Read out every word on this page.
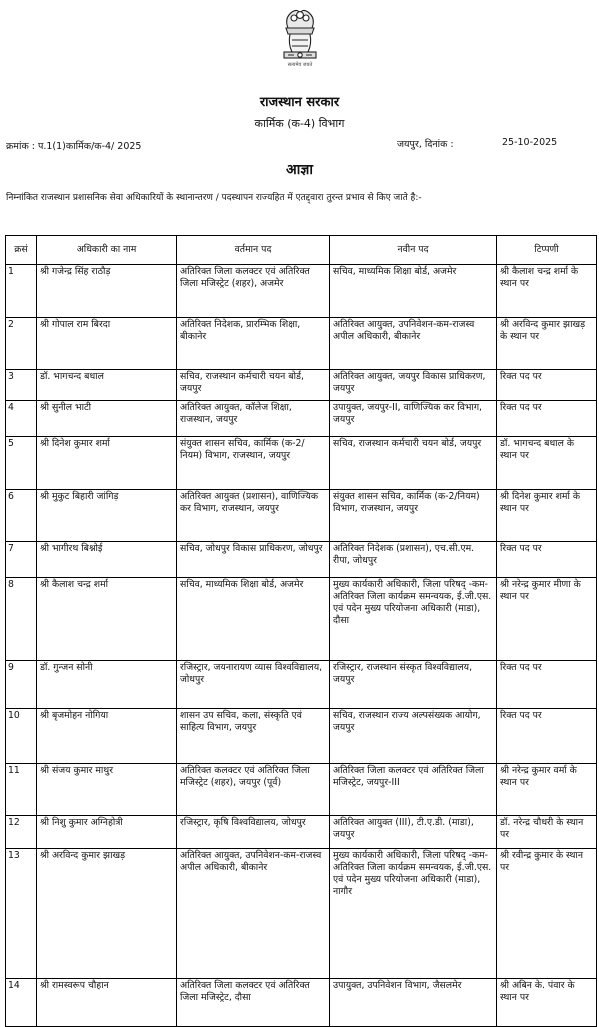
सत्यमेव जयते
राजस्थान सरकार
कार्मिक (क-4) विभाग
क्रमांक : प.1(1)कार्मिक/क-4/ 2025	जयपुर, दिनांक :	25-10-2025
आज्ञा
निम्नांकित राजस्थान प्रशासनिक सेवा अधिकारियों के स्थानान्तरण / पदस्थापन राज्यहित में एतद्द्वारा तुरन्त प्रभाव से किए जाते है:-
क्रसं	अधिकारी का नाम	वर्तमान पद	नवीन पद	टिप्पणी
1	श्री गजेन्द्र सिंह राठौड़	अतिरिक्त जिला कलक्टर एवं अतिरिक्त जिला मजिस्ट्रेट (शहर), अजमेर	सचिव, माध्यमिक शिक्षा बोर्ड, अजमेर	श्री कैलाश चन्द्र शर्मा के स्थान पर
2	श्री गोपाल राम बिरदा	अतिरिक्त निदेशक, प्रारम्भिक शिक्षा, बीकानेर	अतिरिक्त आयुक्त, उपनिवेशन-कम-राजस्व अपील अधिकारी, बीकानेर	श्री अरविन्द कुमार झाखड़ के स्थान पर
3	डॉ. भागचन्द बधाल	सचिव, राजस्थान कर्मचारी चयन बोर्ड, जयपुर	अतिरिक्त आयुक्त, जयपुर विकास प्राधिकरण, जयपुर	रिक्त पद पर
4	श्री सुनील भाटी	अतिरिक्त आयुक्त, कॉलेज शिक्षा, राजस्थान, जयपुर	उपायुक्त, जयपुर-II, वाणिज्यिक कर विभाग, जयपुर	रिक्त पद पर
5	श्री दिनेश कुमार शर्मा	संयुक्त शासन सचिव, कार्मिक (क-2/नियम) विभाग, राजस्थान, जयपुर	सचिव, राजस्थान कर्मचारी चयन बोर्ड, जयपुर	डॉ. भागचन्द बधाल के स्थान पर
6	श्री मुकुट बिहारी जांगिड़	अतिरिक्त आयुक्त (प्रशासन), वाणिज्यिक कर विभाग, राजस्थान, जयपुर	संयुक्त शासन सचिव, कार्मिक (क-2/नियम) विभाग, राजस्थान, जयपुर	श्री दिनेश कुमार शर्मा के स्थान पर
7	श्री भागीरथ बिश्नोई	सचिव, जोधपुर विकास प्राधिकरण, जोधपुर	अतिरिक्त निदेशक (प्रशासन), एच.सी.एम. रीपा, जोधपुर	रिक्त पद पर
8	श्री कैलाश चन्द्र शर्मा	सचिव, माध्यमिक शिक्षा बोर्ड, अजमेर	मुख्य कार्यकारी अधिकारी, जिला परिषद् -कम- अतिरिक्त जिला कार्यक्रम समन्वयक, ई.जी.एस. एवं पदेन मुख्य परियोजना अधिकारी (माडा), दौसा	श्री नरेन्द्र कुमार मीणा के स्थान पर
9	डॉ. गुन्जन सोनी	रजिस्ट्रार, जयनारायण व्यास विश्वविद्यालय, जोधपुर	रजिस्ट्रार, राजस्थान संस्कृत विश्वविद्यालय, जयपुर	रिक्त पद पर
10	श्री बृजमोहन नोगिया	शासन उप सचिव, कला, संस्कृति एवं साहित्य विभाग, जयपुर	सचिव, राजस्थान राज्य अल्पसंख्यक आयोग, जयपुर	रिक्त पद पर
11	श्री संजय कुमार माथुर	अतिरिक्त कलक्टर एवं अतिरिक्त जिला मजिस्ट्रेट (शहर), जयपुर (पूर्व)	अतिरिक्त जिला कलक्टर एवं अतिरिक्त जिला मजिस्ट्रेट, जयपुर-III	श्री नरेन्द्र कुमार वर्मा के स्थान पर
12	श्री निशु कुमार अग्निहोत्री	रजिस्ट्रार, कृषि विश्वविद्यालय, जोधपुर	अतिरिक्त आयुक्त (III), टी.ए.डी. (माडा), जयपुर	डॉ. नरेन्द्र चौधरी के स्थान पर
13	श्री अरविन्द कुमार झाखड़	अतिरिक्त आयुक्त, उपनिवेशन-कम-राजस्व अपील अधिकारी, बीकानेर	मुख्य कार्यकारी अधिकारी, जिला परिषद् -कम- अतिरिक्त जिला कार्यक्रम समन्वयक, ई.जी.एस. एवं पदेन मुख्य परियोजना अधिकारी (माडा), नागौर	श्री रवीन्द्र कुमार के स्थान पर
14	श्री रामस्वरूप चौहान	अतिरिक्त जिला कलक्टर एवं अतिरिक्त जिला मजिस्ट्रेट, दौसा	उपायुक्त, उपनिवेशन विभाग, जैसलमेर	श्री अबिन के. पंवार के स्थान पर
